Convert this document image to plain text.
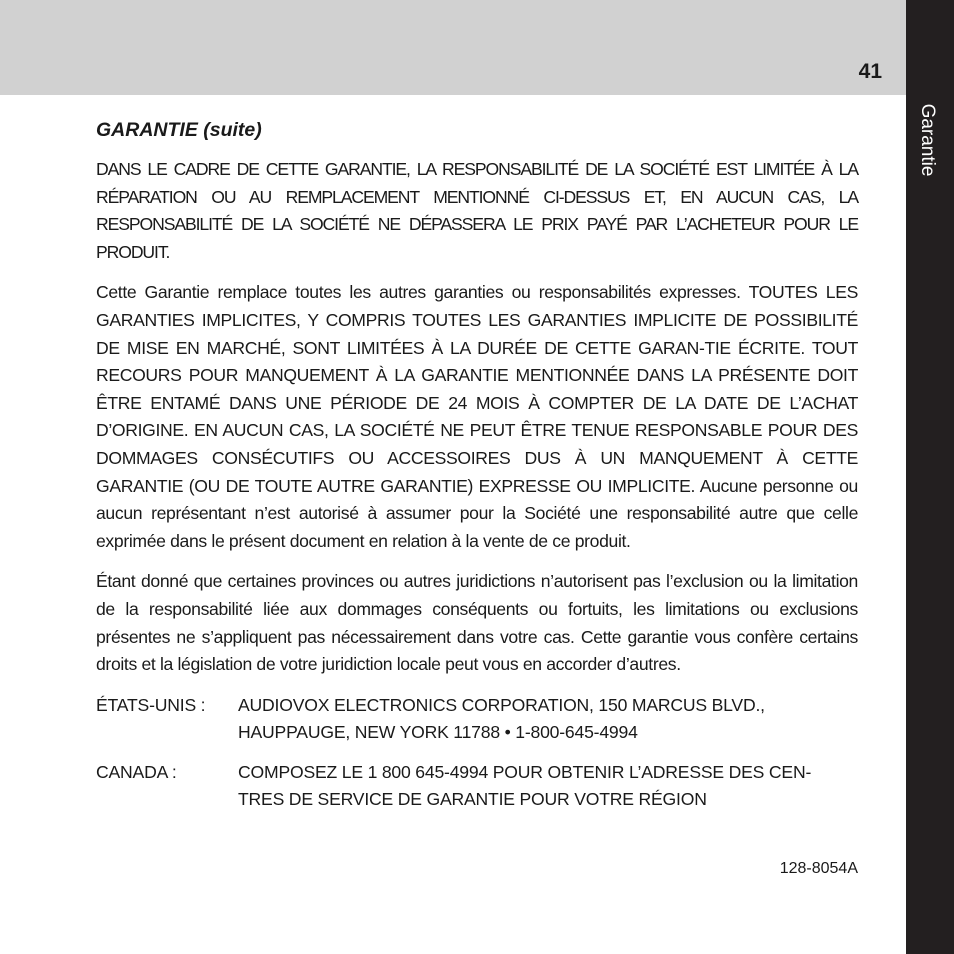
41
Garantie
GARANTIE (suite)

DANS LE CADRE DE CETTE GARANTIE, LA RESPONSABILITÉ DE LA SOCIÉTÉ EST LIMITÉE À LA RÉPARATION OU AU REMPLACEMENT MENTIONNÉ CI-DESSUS ET, EN AUCUN CAS, LA RESPONSABILITÉ DE LA SOCIÉTÉ NE DÉPASSERA LE PRIX PAYÉ PAR L’ACHETEUR POUR LE PRODUIT.

Cette Garantie remplace toutes les autres garanties ou responsabilités expresses. TOUTES LES GARANTIES IMPLICITES, Y COMPRIS TOUTES LES GARANTIES IMPLICITE DE POSSIBILITÉ DE MISE EN MARCHÉ, SONT LIMITÉES À LA DURÉE DE CETTE GARAN-TIE ÉCRITE. TOUT RECOURS POUR MANQUEMENT À LA GARANTIE MENTIONNÉE DANS LA PRÉSENTE DOIT ÊTRE ENTAMÉ DANS UNE PÉRIODE DE 24 MOIS À COMPTER DE LA DATE DE L’ACHAT D’ORIGINE. EN AUCUN CAS, LA SOCIÉTÉ NE PEUT ÊTRE TENUE RESPONSABLE POUR DES DOMMAGES CONSÉCUTIFS OU ACCESSOIRES DUS À UN MANQUEMENT À CETTE GARANTIE (OU DE TOUTE AUTRE GARANTIE) EXPRESSE OU IMPLICITE. Aucune personne ou aucun représentant n’est autorisé à assumer pour la Société une responsabilité autre que celle exprimée dans le présent document en relation à la vente de ce produit.

Étant donné que certaines provinces ou autres juridictions n’autorisent pas l’exclusion ou la limitation de la responsabilité liée aux dommages conséquents ou fortuits, les limitations ou exclusions présentes ne s’appliquent pas nécessairement dans votre cas. Cette garantie vous confère certains droits et la législation de votre juridiction locale peut vous en accorder d’autres.

ÉTATS-UNIS :	AUDIOVOX ELECTRONICS CORPORATION, 150 MARCUS BLVD.,
HAUPPAUGE, NEW YORK 11788 • 1-800-645-4994
CANADA :	COMPOSEZ LE 1 800 645-4994 POUR OBTENIR L’ADRESSE DES CEN-
TRES DE SERVICE DE GARANTIE POUR VOTRE RÉGION
128-8054A
